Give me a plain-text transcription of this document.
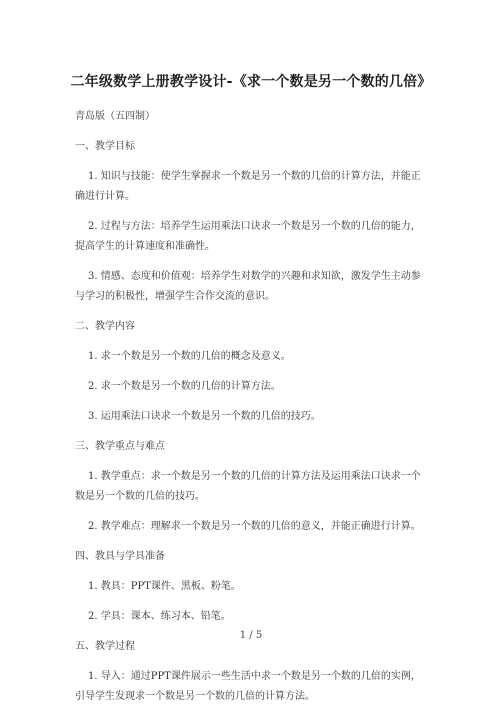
二年级数学上册教学设计-《求一个数是另一个数的几倍》
青岛版（五四制）
一、教学目标
1. 知识与技能：使学生掌握求一个数是另一个数的几倍的计算方法，并能正
确进行计算。
2. 过程与方法：培养学生运用乘法口诀求一个数是另一个数的几倍的能力，
提高学生的计算速度和准确性。
3. 情感、态度和价值观：培养学生对数学的兴趣和求知欲，激发学生主动参
与学习的积极性，增强学生合作交流的意识。
二、教学内容
1. 求一个数是另一个数的几倍的概念及意义。
2. 求一个数是另一个数的几倍的计算方法。
3. 运用乘法口诀求一个数是另一个数的几倍的技巧。
三、教学重点与难点
1. 教学重点：求一个数是另一个数的几倍的计算方法及运用乘法口诀求一个
数是另一个数的几倍的技巧。
2. 教学难点：理解求一个数是另一个数的几倍的意义，并能正确进行计算。
四、教具与学具准备
1. 教具：PPT课件、黑板、粉笔。
2. 学具：课本、练习本、铅笔。
五、教学过程
1. 导入：通过PPT课件展示一些生活中求一个数是另一个数的几倍的实例，
引导学生发现求一个数是另一个数的几倍的计算方法。
1 / 5
